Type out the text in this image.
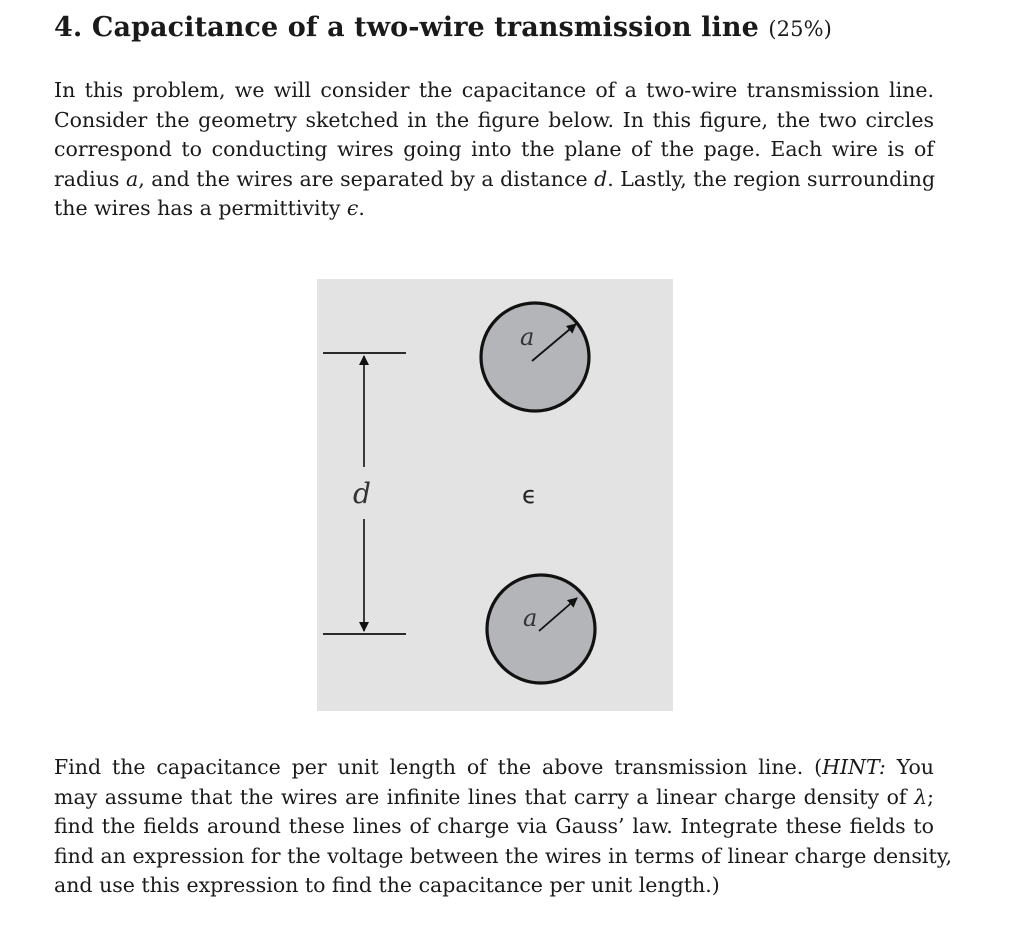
4. Capacitance of a two-wire transmission line (25%)

In this problem, we will consider the capacitance of a two-wire transmission line.
Consider the geometry sketched in the figure below. In this figure, the two circles
correspond to conducting wires going into the plane of the page. Each wire is of
radius a, and the wires are separated by a distance d. Lastly, the region surrounding
the wires has a permittivity ϵ.

a
a
d	ϵ

Find the capacitance per unit length of the above transmission line. (HINT: You
may assume that the wires are infinite lines that carry a linear charge density of λ;
find the fields around these lines of charge via Gauss’ law. Integrate these fields to
find an expression for the voltage between the wires in terms of linear charge density,
and use this expression to find the capacitance per unit length.)
